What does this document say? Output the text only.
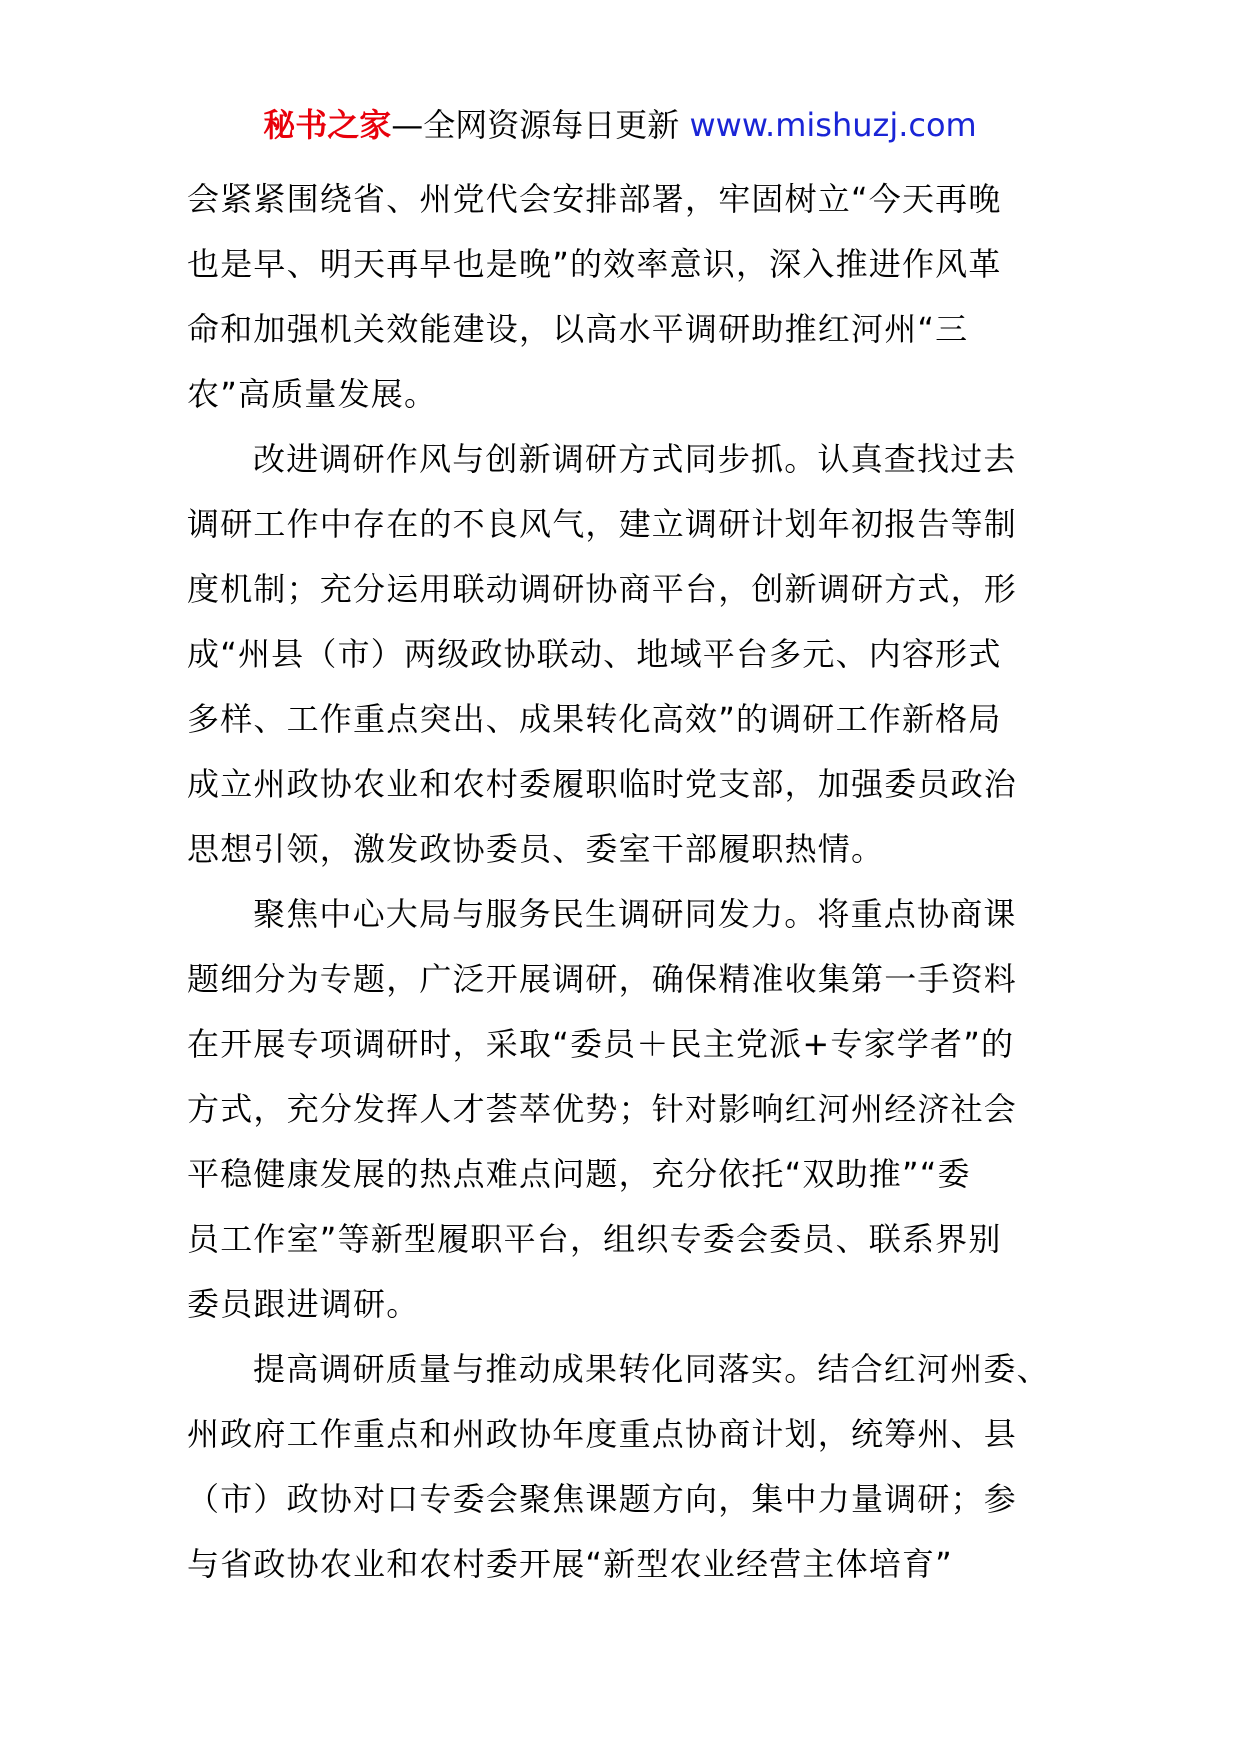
秘书之家—全网资源每日更新 www.mishuzj.com
会紧紧围绕省、州党代会安排部署，牢固树立“今天再晚
也是早、明天再早也是晚”的效率意识，深入推进作风革
命和加强机关效能建设，以高水平调研助推红河州“三
农”高质量发展。
改进调研作风与创新调研方式同步抓。认真查找过去
调研工作中存在的不良风气，建立调研计划年初报告等制
度机制；充分运用联动调研协商平台，创新调研方式，形
成“州县（市）两级政协联动、地域平台多元、内容形式
多样、工作重点突出、成果转化高效”的调研工作新格局
成立州政协农业和农村委履职临时党支部，加强委员政治
思想引领，激发政协委员、委室干部履职热情。
聚焦中心大局与服务民生调研同发力。将重点协商课
题细分为专题，广泛开展调研，确保精准收集第一手资料
在开展专项调研时，采取“委员＋民主党派+专家学者”的
方式，充分发挥人才荟萃优势；针对影响红河州经济社会
平稳健康发展的热点难点问题，充分依托“双助推”“委
员工作室”等新型履职平台，组织专委会委员、联系界别
委员跟进调研。
提高调研质量与推动成果转化同落实。结合红河州委、
州政府工作重点和州政协年度重点协商计划，统筹州、县
（市）政协对口专委会聚焦课题方向，集中力量调研；参
与省政协农业和农村委开展“新型农业经营主体培育”
